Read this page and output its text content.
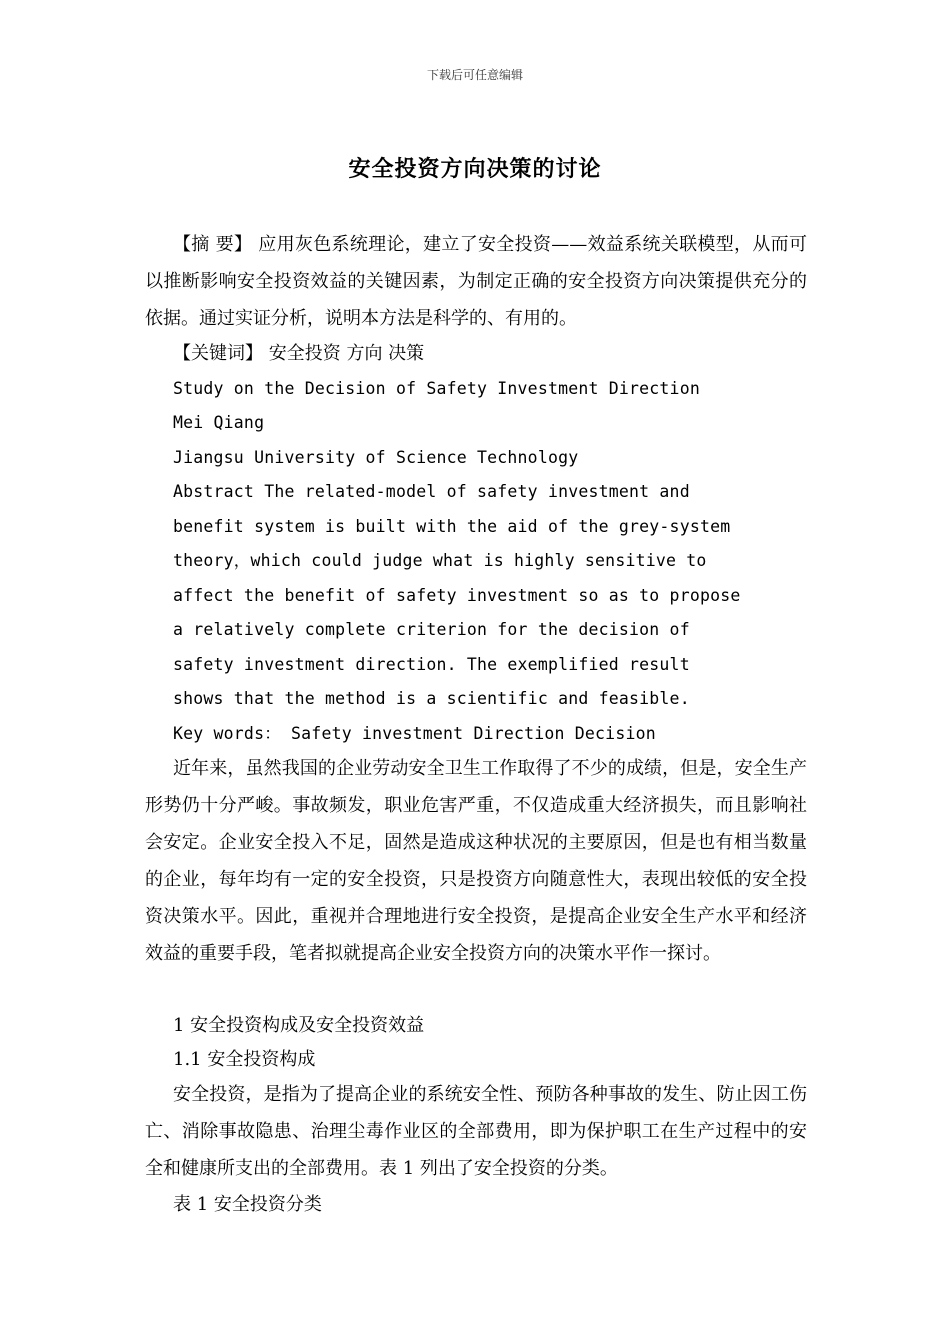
下载后可任意编辑
安全投资方向决策的讨论

【摘 要】 应用灰色系统理论，建立了安全投资——效益系统关联模型，从而可以推断影响安全投资效益的关键因素，为制定正确的安全投资方向决策提供充分的依据。通过实证分析，说明本方法是科学的、有用的。

【关键词】 安全投资 方向 决策

Study on the Decision of Safety Investment Direction

Mei Qiang

Jiangsu University of Science Technology

Abstract The related-model of safety investment and

benefit system is built with the aid of the grey-system

theory，which could judge what is highly sensitive to

affect the benefit of safety investment so as to propose

a relatively complete criterion for the decision of

safety investment direction. The exemplified result

shows that the method is a scientific and feasible.

Key words： Safety investment Direction Decision

近年来，虽然我国的企业劳动安全卫生工作取得了不少的成绩，但是，安全生产形势仍十分严峻。事故频发，职业危害严重，不仅造成重大经济损失，而且影响社会安定。企业安全投入不足，固然是造成这种状况的主要原因，但是也有相当数量的企业，每年均有一定的安全投资，只是投资方向随意性大，表现出较低的安全投资决策水平。因此，重视并合理地进行安全投资，是提高企业安全生产水平和经济效益的重要手段，笔者拟就提高企业安全投资方向的决策水平作一探讨。

1 安全投资构成及安全投资效益

1.1 安全投资构成

安全投资，是指为了提高企业的系统安全性、预防各种事故的发生、防止因工伤亡、消除事故隐患、治理尘毒作业区的全部费用，即为保护职工在生产过程中的安全和健康所支出的全部费用。表 1 列出了安全投资的分类。

表 1 安全投资分类
